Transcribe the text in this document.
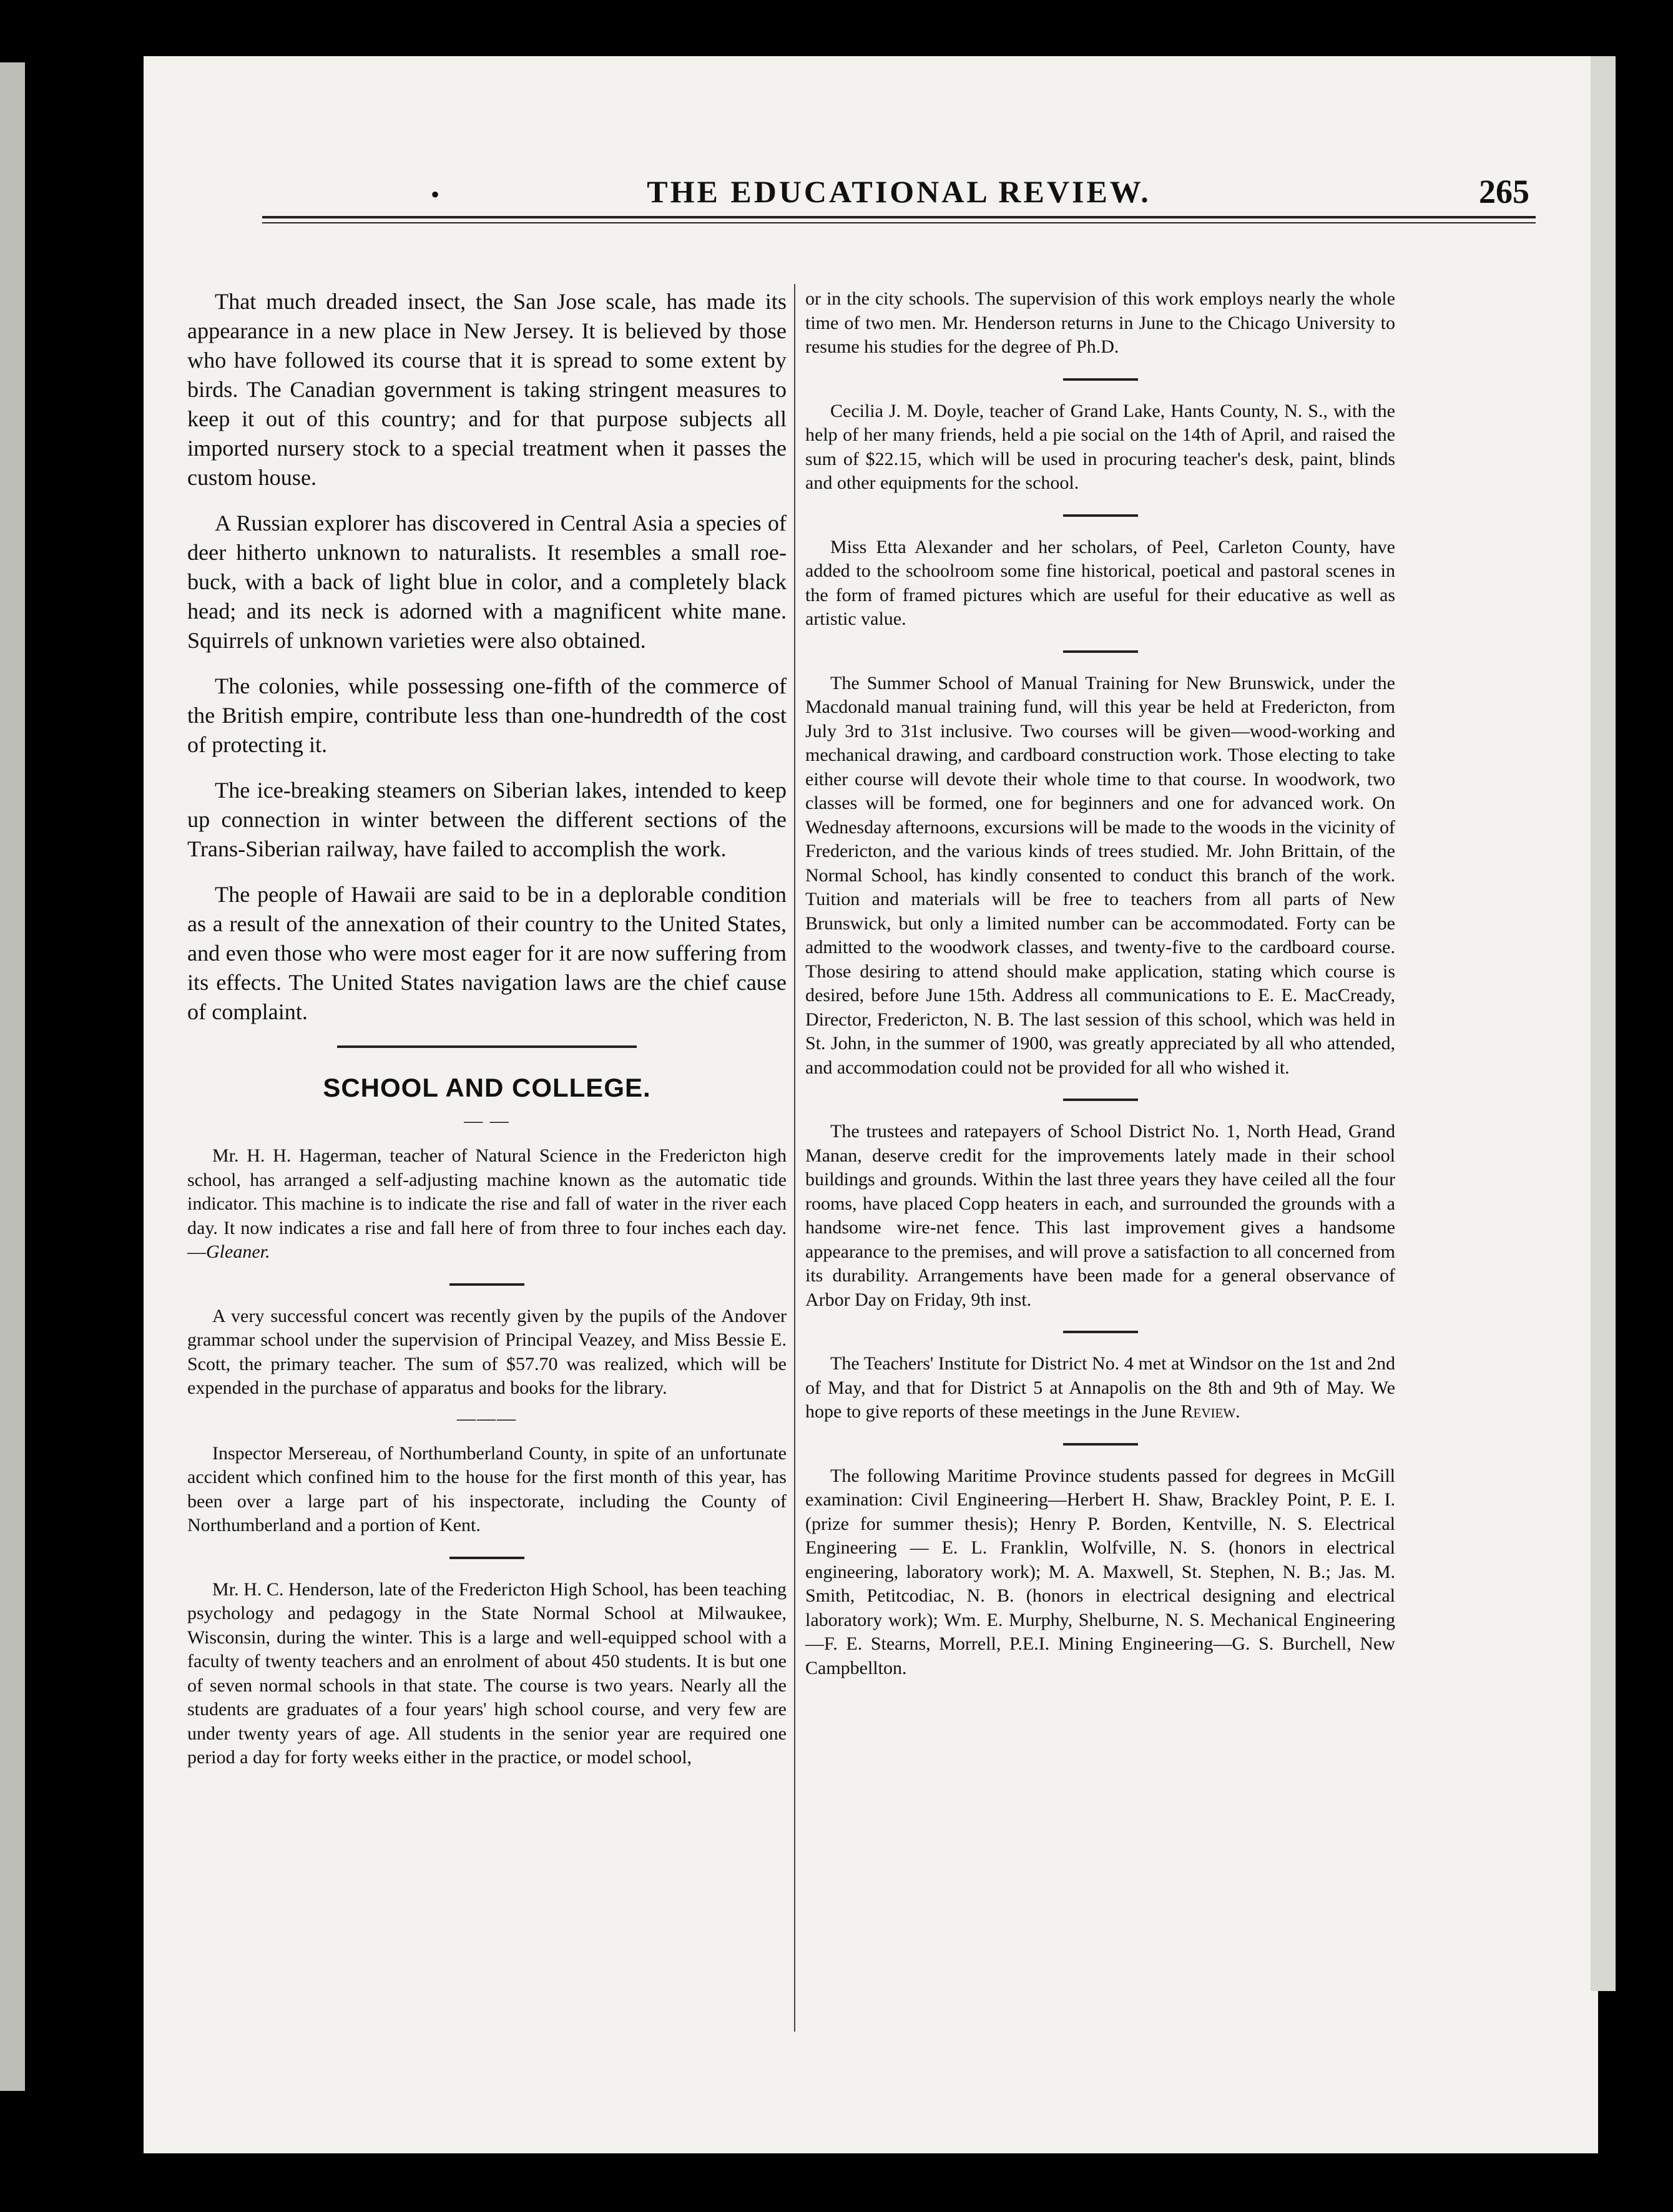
•	THE EDUCATIONAL REVIEW.	265

That much dreaded insect, the San Jose scale, has made its appearance in a new place in New Jersey. It is believed by those who have followed its course that it is spread to some extent by birds. The Canadian government is taking stringent measures to keep it out of this country; and for that purpose subjects all imported nursery stock to a special treatment when it passes the custom house.

A Russian explorer has discovered in Central Asia a species of deer hitherto unknown to naturalists. It resembles a small roe-buck, with a back of light blue in color, and a completely black head; and its neck is adorned with a magnificent white mane. Squirrels of unknown varieties were also obtained.

The colonies, while possessing one-fifth of the commerce of the British empire, contribute less than one-hundredth of the cost of protecting it.

The ice-breaking steamers on Siberian lakes, intended to keep up connection in winter between the different sections of the Trans-Siberian railway, have failed to accomplish the work.

The people of Hawaii are said to be in a deplorable condition as a result of the annexation of their country to the United States, and even those who were most eager for it are now suffering from its effects. The United States navigation laws are the chief cause of complaint.

SCHOOL AND COLLEGE.
— —

Mr. H. H. Hagerman, teacher of Natural Science in the Fredericton high school, has arranged a self-adjusting machine known as the automatic tide indicator. This machine is to indicate the rise and fall of water in the river each day. It now indicates a rise and fall here of from three to four inches each day.—Gleaner.

A very successful concert was recently given by the pupils of the Andover grammar school under the supervision of Principal Veazey, and Miss Bessie E. Scott, the primary teacher. The sum of $57.70 was realized, which will be expended in the purchase of apparatus and books for the library.

———

Inspector Mersereau, of Northumberland County, in spite of an unfortunate accident which confined him to the house for the first month of this year, has been over a large part of his inspectorate, including the County of Northumberland and a portion of Kent.

Mr. H. C. Henderson, late of the Fredericton High School, has been teaching psychology and pedagogy in the State Normal School at Milwaukee, Wisconsin, during the winter. This is a large and well-equipped school with a faculty of twenty teachers and an enrolment of about 450 students. It is but one of seven normal schools in that state. The course is two years. Nearly all the students are graduates of a four years' high school course, and very few are under twenty years of age. All students in the senior year are required one period a day for forty weeks either in the practice, or model school,

or in the city schools. The supervision of this work employs nearly the whole time of two men. Mr. Henderson returns in June to the Chicago University to resume his studies for the degree of Ph.D.

Cecilia J. M. Doyle, teacher of Grand Lake, Hants County, N. S., with the help of her many friends, held a pie social on the 14th of April, and raised the sum of $22.15, which will be used in procuring teacher's desk, paint, blinds and other equipments for the school.

Miss Etta Alexander and her scholars, of Peel, Carleton County, have added to the schoolroom some fine historical, poetical and pastoral scenes in the form of framed pictures which are useful for their educative as well as artistic value.

The Summer School of Manual Training for New Brunswick, under the Macdonald manual training fund, will this year be held at Fredericton, from July 3rd to 31st inclusive. Two courses will be given—wood-working and mechanical drawing, and cardboard construction work. Those electing to take either course will devote their whole time to that course. In woodwork, two classes will be formed, one for beginners and one for advanced work. On Wednesday afternoons, excursions will be made to the woods in the vicinity of Fredericton, and the various kinds of trees studied. Mr. John Brittain, of the Normal School, has kindly consented to conduct this branch of the work. Tuition and materials will be free to teachers from all parts of New Brunswick, but only a limited number can be accommodated. Forty can be admitted to the woodwork classes, and twenty-five to the cardboard course. Those desiring to attend should make application, stating which course is desired, before June 15th. Address all communications to E. E. MacCready, Director, Fredericton, N. B. The last session of this school, which was held in St. John, in the summer of 1900, was greatly appreciated by all who attended, and accommodation could not be provided for all who wished it.

The trustees and ratepayers of School District No. 1, North Head, Grand Manan, deserve credit for the improvements lately made in their school buildings and grounds. Within the last three years they have ceiled all the four rooms, have placed Copp heaters in each, and surrounded the grounds with a handsome wire-net fence. This last improvement gives a handsome appearance to the premises, and will prove a satisfaction to all concerned from its durability. Arrangements have been made for a general observance of Arbor Day on Friday, 9th inst.

The Teachers' Institute for District No. 4 met at Windsor on the 1st and 2nd of May, and that for District 5 at Annapolis on the 8th and 9th of May. We hope to give reports of these meetings in the June Review.

The following Maritime Province students passed for degrees in McGill examination: Civil Engineering—Herbert H. Shaw, Brackley Point, P. E. I. (prize for summer thesis); Henry P. Borden, Kentville, N. S. Electrical Engineering — E. L. Franklin, Wolfville, N. S. (honors in electrical engineering, laboratory work); M. A. Maxwell, St. Stephen, N. B.; Jas. M. Smith, Petitcodiac, N. B. (honors in electrical designing and electrical laboratory work); Wm. E. Murphy, Shelburne, N. S. Mechanical Engineering—F. E. Stearns, Morrell, P.E.I. Mining Engineering—G. S. Burchell, New Campbellton.
